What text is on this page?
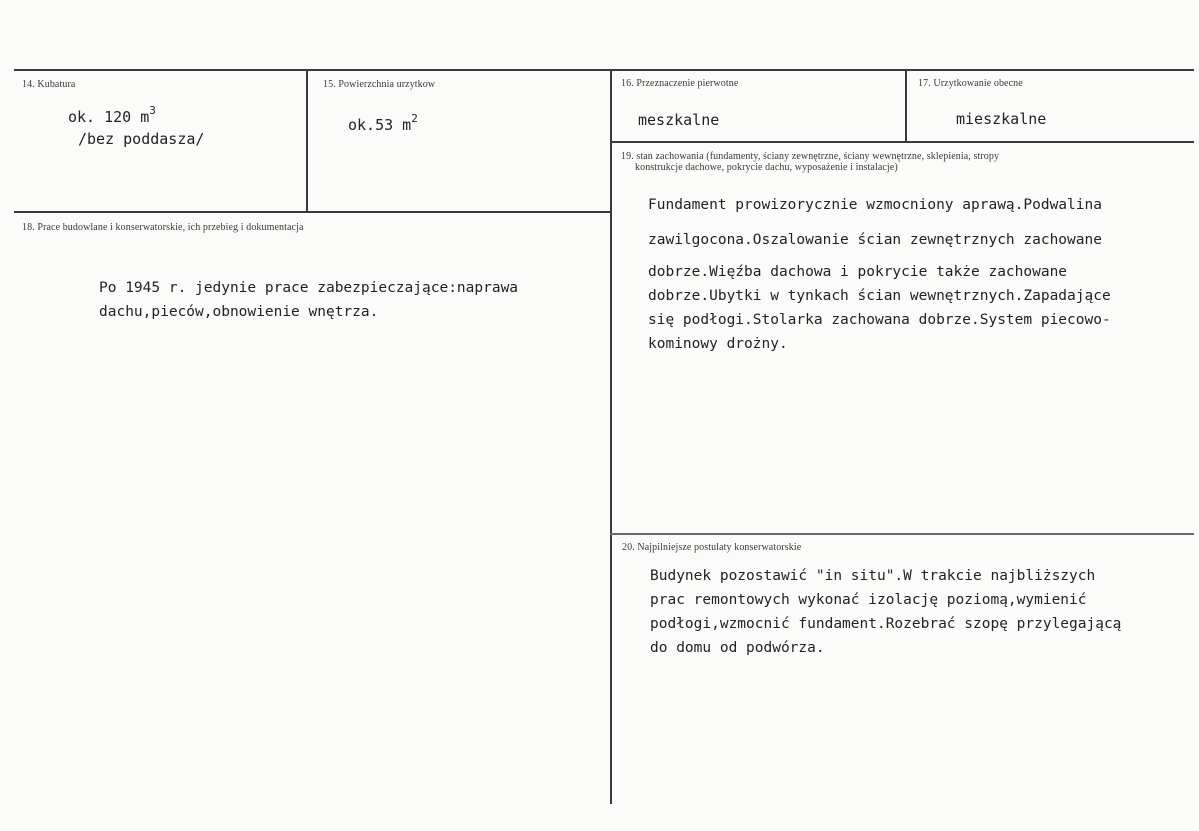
14. Kubatura
ok. 120 $m^3$
/bez poddasza/
15. Powierzchnia urzytkow
ok.53 $m^2$
16. Przeznaczenie pierwotne
meszkalne
17. Urzytkowanie obecne
mieszkalne
18. Prace budowlane i konserwatorskie, ich przebieg i dokumentacja
Po 1945 r. jedynie prace zabezpieczające:naprawa
dachu,pieców,obnowienie wnętrza.
19. stan zachowania (fundamenty, ściany zewnętrzne, ściany wewnętrzne, sklepienia, stropy
konstrukcje dachowe, pokrycie dachu, wyposażenie i instalacje)
Fundament prowizorycznie wzmocniony aprawą.Podwalina
zawilgocona.Oszalowanie ścian zewnętrznych zachowane
dobrze.Więźba dachowa i pokrycie także zachowane
dobrze.Ubytki w tynkach ścian wewnętrznych.Zapadające
się podłogi.Stolarka zachowana dobrze.System piecowo-
kominowy drożny.
20. Najpilniejsze postulaty konserwatorskie
Budynek pozostawić "in situ".W trakcie najbliższych
prac remontowych wykonać izolację poziomą,wymienić
podłogi,wzmocnić fundament.Rozebrać szopę przylegającą
do domu od podwórza.
